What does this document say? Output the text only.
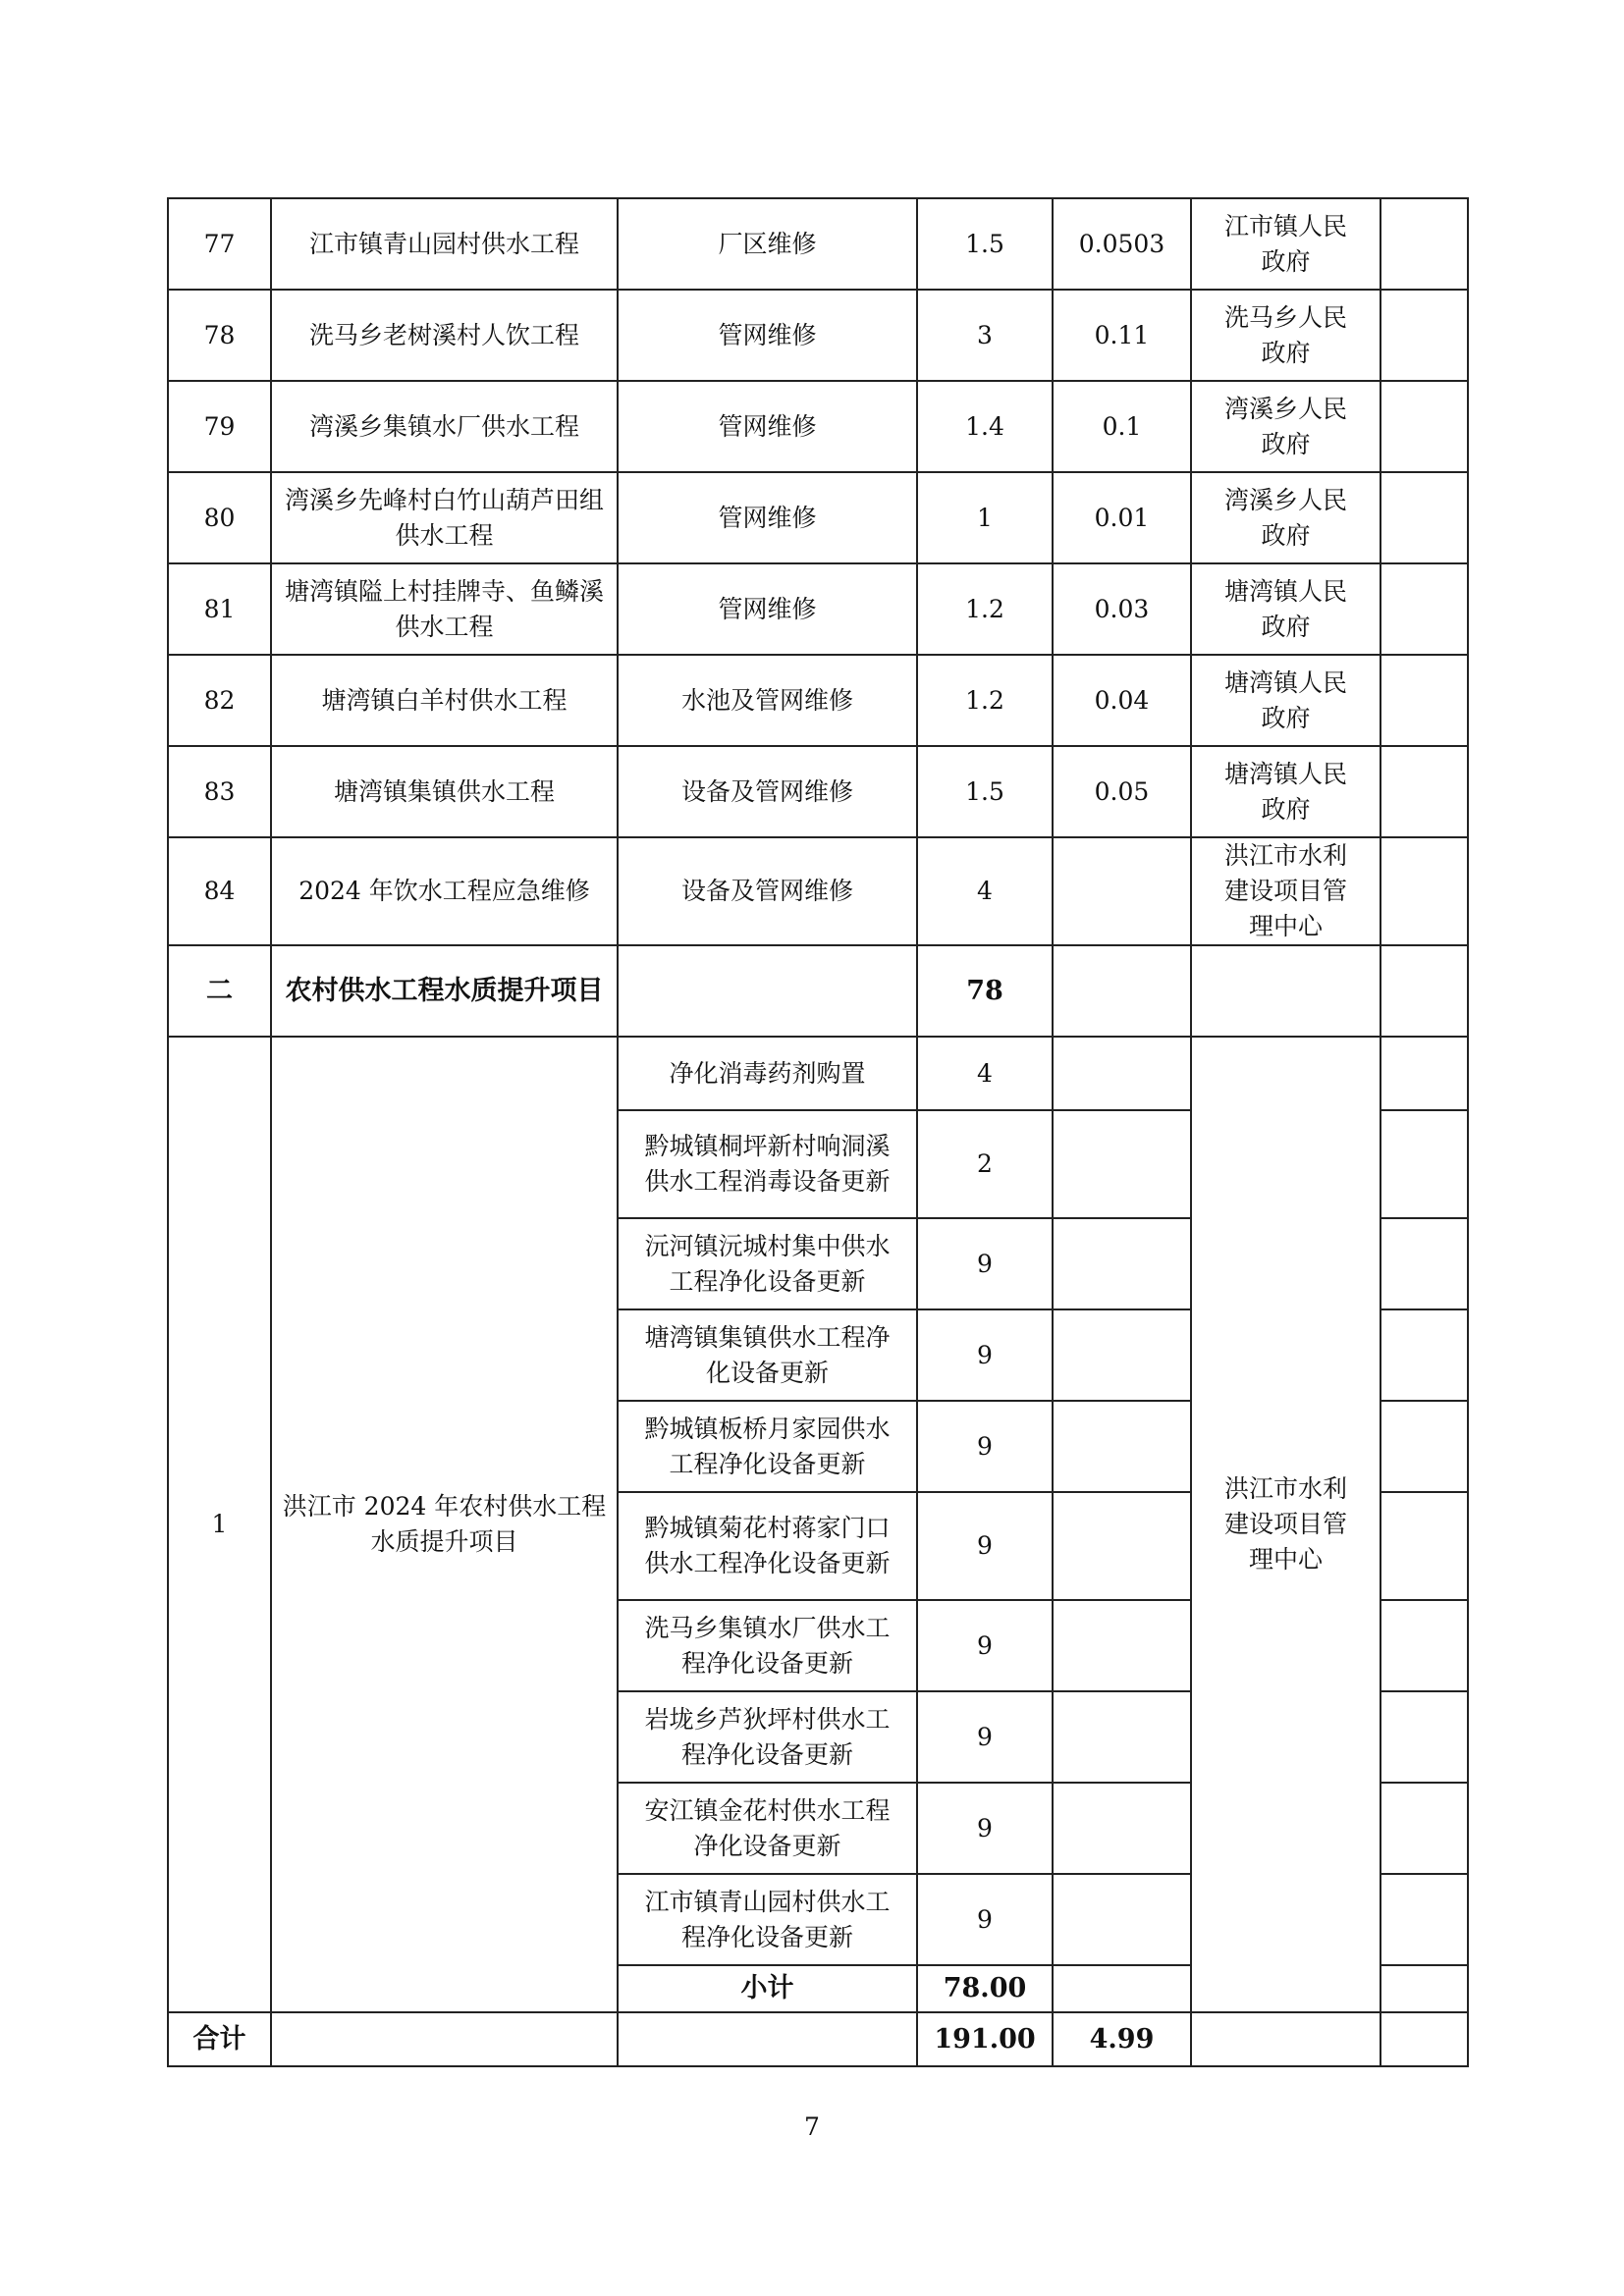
77	江市镇青山园村供水工程	厂区维修	1.5	0.0503	江市镇人民政府	
78	洗马乡老树溪村人饮工程	管网维修	3	0.11	洗马乡人民政府	
79	湾溪乡集镇水厂供水工程	管网维修	1.4	0.1	湾溪乡人民政府	
80	湾溪乡先峰村白竹山葫芦田组供水工程	管网维修	1	0.01	湾溪乡人民政府	
81	塘湾镇隘上村挂牌寺、鱼鳞溪供水工程	管网维修	1.2	0.03	塘湾镇人民政府	
82	塘湾镇白羊村供水工程	水池及管网维修	1.2	0.04	塘湾镇人民政府	
83	塘湾镇集镇供水工程	设备及管网维修	1.5	0.05	塘湾镇人民政府	
84	2024 年饮水工程应急维修	设备及管网维修	4		洪江市水利建设项目管理中心	
二	农村供水工程水质提升项目		78			
1	洪江市 2024 年农村供水工程水质提升项目	净化消毒药剂购置	4		洪江市水利建设项目管理中心	
		黔城镇桐坪新村响洞溪供水工程消毒设备更新	2			
		沅河镇沅城村集中供水工程净化设备更新	9			
		塘湾镇集镇供水工程净化设备更新	9			
		黔城镇板桥月家园供水工程净化设备更新	9			
		黔城镇菊花村蒋家门口供水工程净化设备更新	9			
		洗马乡集镇水厂供水工程净化设备更新	9			
		岩垅乡芦狄坪村供水工程净化设备更新	9			
		安江镇金花村供水工程净化设备更新	9			
		江市镇青山园村供水工程净化设备更新	9			
		小计	78.00			
合计			191.00	4.99		
7
